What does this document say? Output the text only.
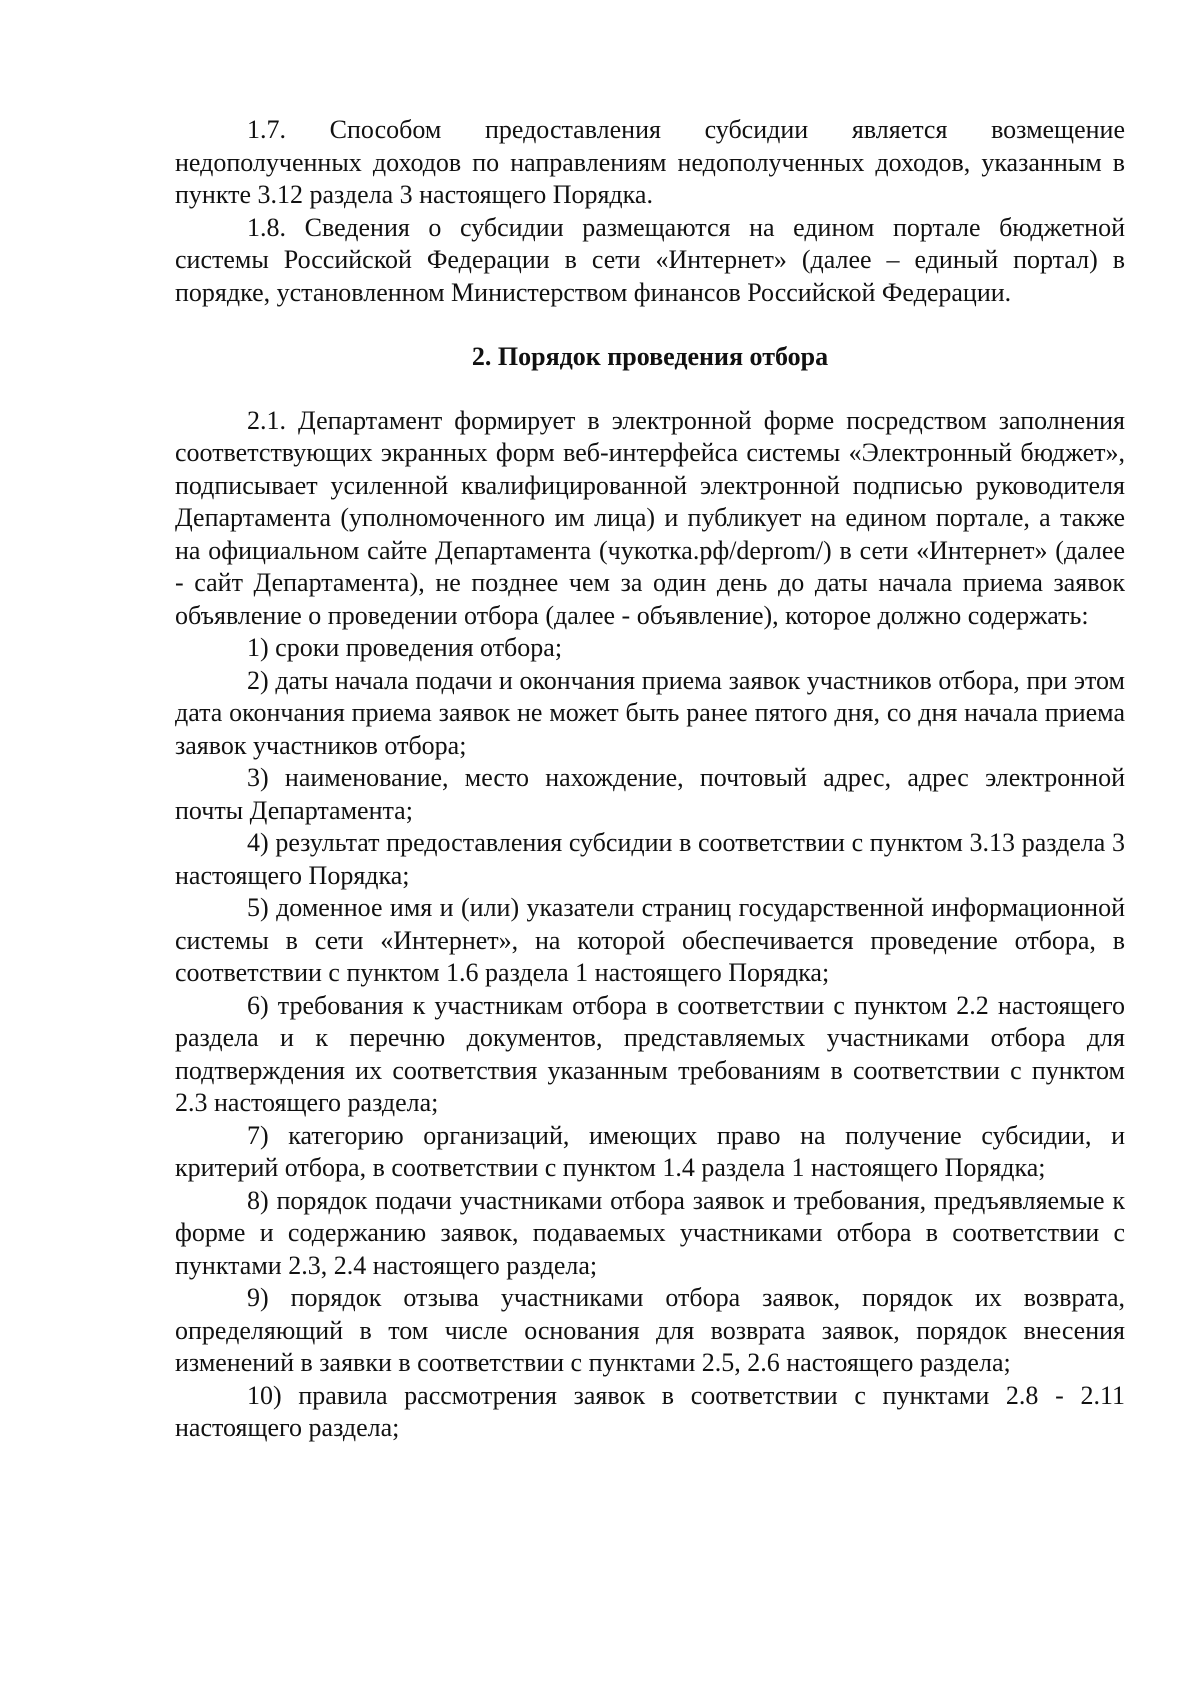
1.7. Способом предоставления субсидии является возмещение недополученных доходов по направлениям недополученных доходов, указанным в пункте 3.12 раздела 3 настоящего Порядка.

1.8. Сведения о субсидии размещаются на едином портале бюджетной системы Российской Федерации в сети «Интернет» (далее – единый портал) в порядке, установленном Министерством финансов Российской Федерации.

2. Порядок проведения отбора

2.1. Департамент формирует в электронной форме посредством заполнения соответствующих экранных форм веб-интерфейса системы «Электронный бюджет», подписывает усиленной квалифицированной электронной подписью руководителя Департамента (уполномоченного им лица) и публикует на едином портале, а также на официальном сайте Департамента (чукотка.рф/deprom/) в сети «Интернет» (далее - сайт Департамента), не позднее чем за один день до даты начала приема заявок объявление о проведении отбора (далее - объявление), которое должно содержать:

1) сроки проведения отбора;

2) даты начала подачи и окончания приема заявок участников отбора, при этом дата окончания приема заявок не может быть ранее пятого дня, со дня начала приема заявок участников отбора;

3) наименование, место нахождение, почтовый адрес, адрес электронной почты Департамента;

4) результат предоставления субсидии в соответствии с пунктом 3.13 раздела 3 настоящего Порядка;

5) доменное имя и (или) указатели страниц государственной информационной системы в сети «Интернет», на которой обеспечивается проведение отбора, в соответствии с пунктом 1.6 раздела 1 настоящего Порядка;

6) требования к участникам отбора в соответствии с пунктом 2.2 настоящего раздела и к перечню документов, представляемых участниками отбора для подтверждения их соответствия указанным требованиям в соответствии с пунктом 2.3 настоящего раздела;

7) категорию организаций, имеющих право на получение субсидии, и критерий отбора, в соответствии с пунктом 1.4 раздела 1 настоящего Порядка;

8) порядок подачи участниками отбора заявок и требования, предъявляемые к форме и содержанию заявок, подаваемых участниками отбора в соответствии с пунктами 2.3, 2.4 настоящего раздела;

9) порядок отзыва участниками отбора заявок, порядок их возврата, определяющий в том числе основания для возврата заявок, порядок внесения изменений в заявки в соответствии с пунктами 2.5, 2.6 настоящего раздела;

10) правила рассмотрения заявок в соответствии с пунктами 2.8 - 2.11 настоящего раздела;
